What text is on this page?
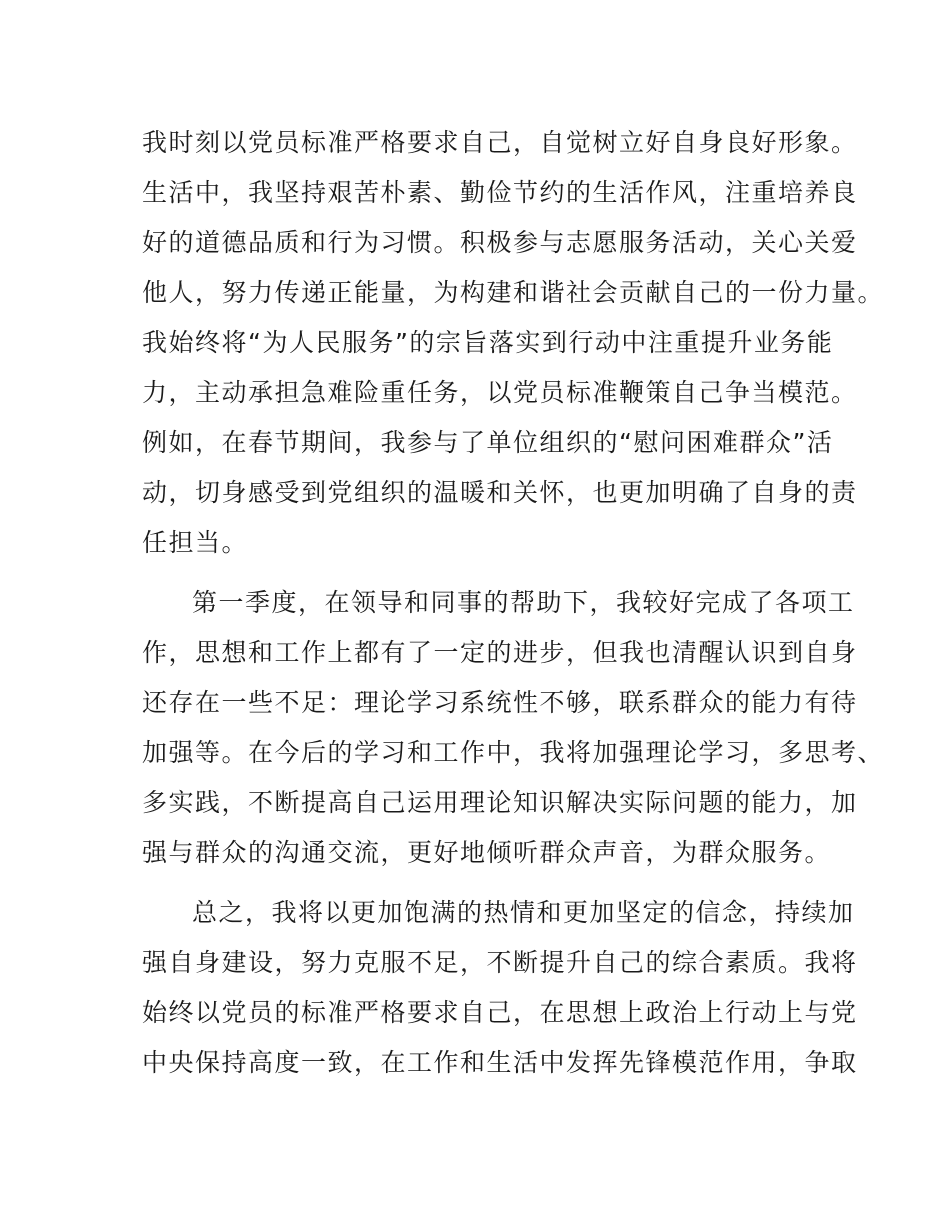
我时刻以党员标准严格要求自己，自觉树立好自身良好形象。
生活中，我坚持艰苦朴素、勤俭节约的生活作风，注重培养良
好的道德品质和行为习惯。积极参与志愿服务活动，关心关爱
他人，努力传递正能量，为构建和谐社会贡献自己的一份力量。
我始终将“为人民服务”的宗旨落实到行动中注重提升业务能
力，主动承担急难险重任务，以党员标准鞭策自己争当模范。
例如，在春节期间，我参与了单位组织的“慰问困难群众”活
动，切身感受到党组织的温暖和关怀，也更加明确了自身的责
任担当。
第一季度，在领导和同事的帮助下，我较好完成了各项工
作，思想和工作上都有了一定的进步，但我也清醒认识到自身
还存在一些不足：理论学习系统性不够，联系群众的能力有待
加强等。在今后的学习和工作中，我将加强理论学习，多思考、
多实践，不断提高自己运用理论知识解决实际问题的能力，加
强与群众的沟通交流，更好地倾听群众声音，为群众服务。
总之，我将以更加饱满的热情和更加坚定的信念，持续加
强自身建设，努力克服不足，不断提升自己的综合素质。我将
始终以党员的标准严格要求自己，在思想上政治上行动上与党
中央保持高度一致，在工作和生活中发挥先锋模范作用，争取
